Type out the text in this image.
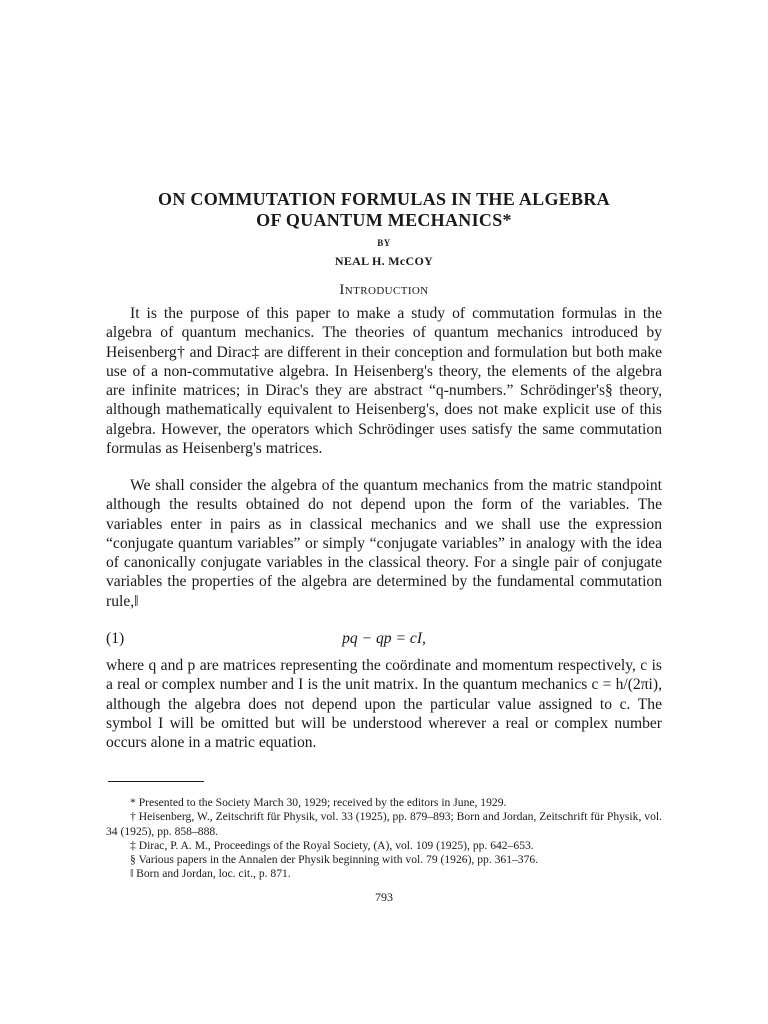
ON COMMUTATION FORMULAS IN THE ALGEBRA
OF QUANTUM MECHANICS*
BY
NEAL H. McCOY
Introduction

It is the purpose of this paper to make a study of commutation formulas in the algebra of quantum mechanics. The theories of quantum mechanics introduced by Heisenberg† and Dirac‡ are different in their conception and formulation but both make use of a non-commutative algebra. In Heisenberg's theory, the elements of the algebra are infinite matrices; in Dirac's they are abstract “q-numbers.” Schrödinger's§ theory, although mathematically equivalent to Heisenberg's, does not make explicit use of this algebra. However, the operators which Schrödinger uses satisfy the same commutation formulas as Heisenberg's matrices.

We shall consider the algebra of the quantum mechanics from the matric standpoint although the results obtained do not depend upon the form of the variables. The variables enter in pairs as in classical mechanics and we shall use the expression “conjugate quantum variables” or simply “conjugate variables” in analogy with the idea of canonically conjugate variables in the classical theory. For a single pair of conjugate variables the properties of the algebra are determined by the fundamental commutation rule,‖

(1)	pq − qp = cI,

where q and p are matrices representing the coördinate and momentum respectively, c is a real or complex number and I is the unit matrix. In the quantum mechanics c = h/(2πi), although the algebra does not depend upon the particular value assigned to c. The symbol I will be omitted but will be understood wherever a real or complex number occurs alone in a matric equation.

* Presented to the Society March 30, 1929; received by the editors in June, 1929.

† Heisenberg, W., Zeitschrift für Physik, vol. 33 (1925), pp. 879–893; Born and Jordan, Zeitschrift für Physik, vol. 34 (1925), pp. 858–888.

‡ Dirac, P. A. M., Proceedings of the Royal Society, (A), vol. 109 (1925), pp. 642–653.

§ Various papers in the Annalen der Physik beginning with vol. 79 (1926), pp. 361–376.

‖ Born and Jordan, loc. cit., p. 871.

793
